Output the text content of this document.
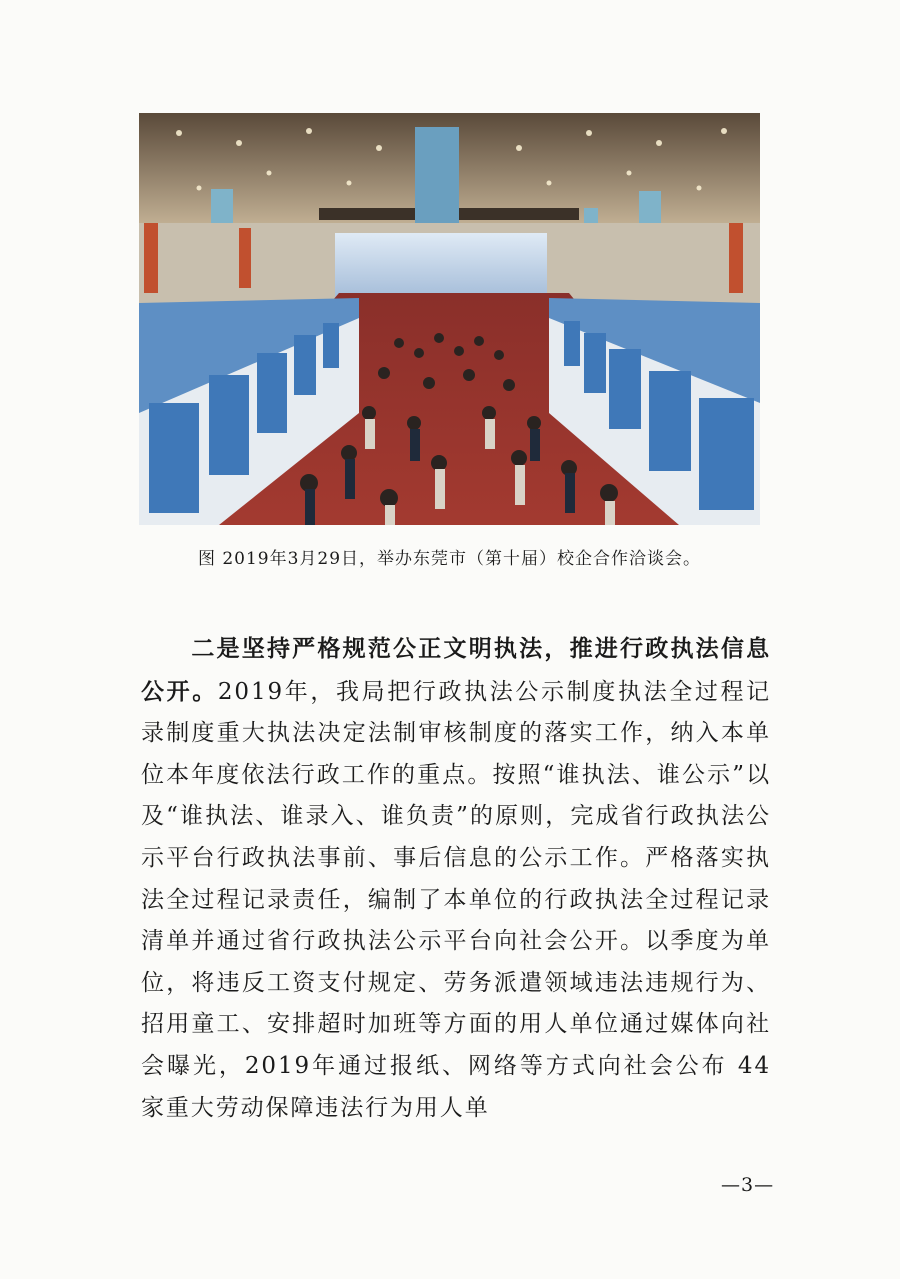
图 2019年3月29日，举办东莞市（第十届）校企合作洽谈会。
二是坚持严格规范公正文明执法，推进行政执法信息公开。2019年，我局把行政执法公示制度执法全过程记录制度重大执法决定法制审核制度的落实工作，纳入本单位本年度依法行政工作的重点。按照“谁执法、谁公示”以及“谁执法、谁录入、谁负责”的原则，完成省行政执法公示平台行政执法事前、事后信息的公示工作。严格落实执法全过程记录责任，编制了本单位的行政执法全过程记录清单并通过省行政执法公示平台向社会公开。以季度为单位，将违反工资支付规定、劳务派遣领域违法违规行为、招用童工、安排超时加班等方面的用人单位通过媒体向社会曝光，2019年通过报纸、网络等方式向社会公布 44 家重大劳动保障违法行为用人单
—3—
